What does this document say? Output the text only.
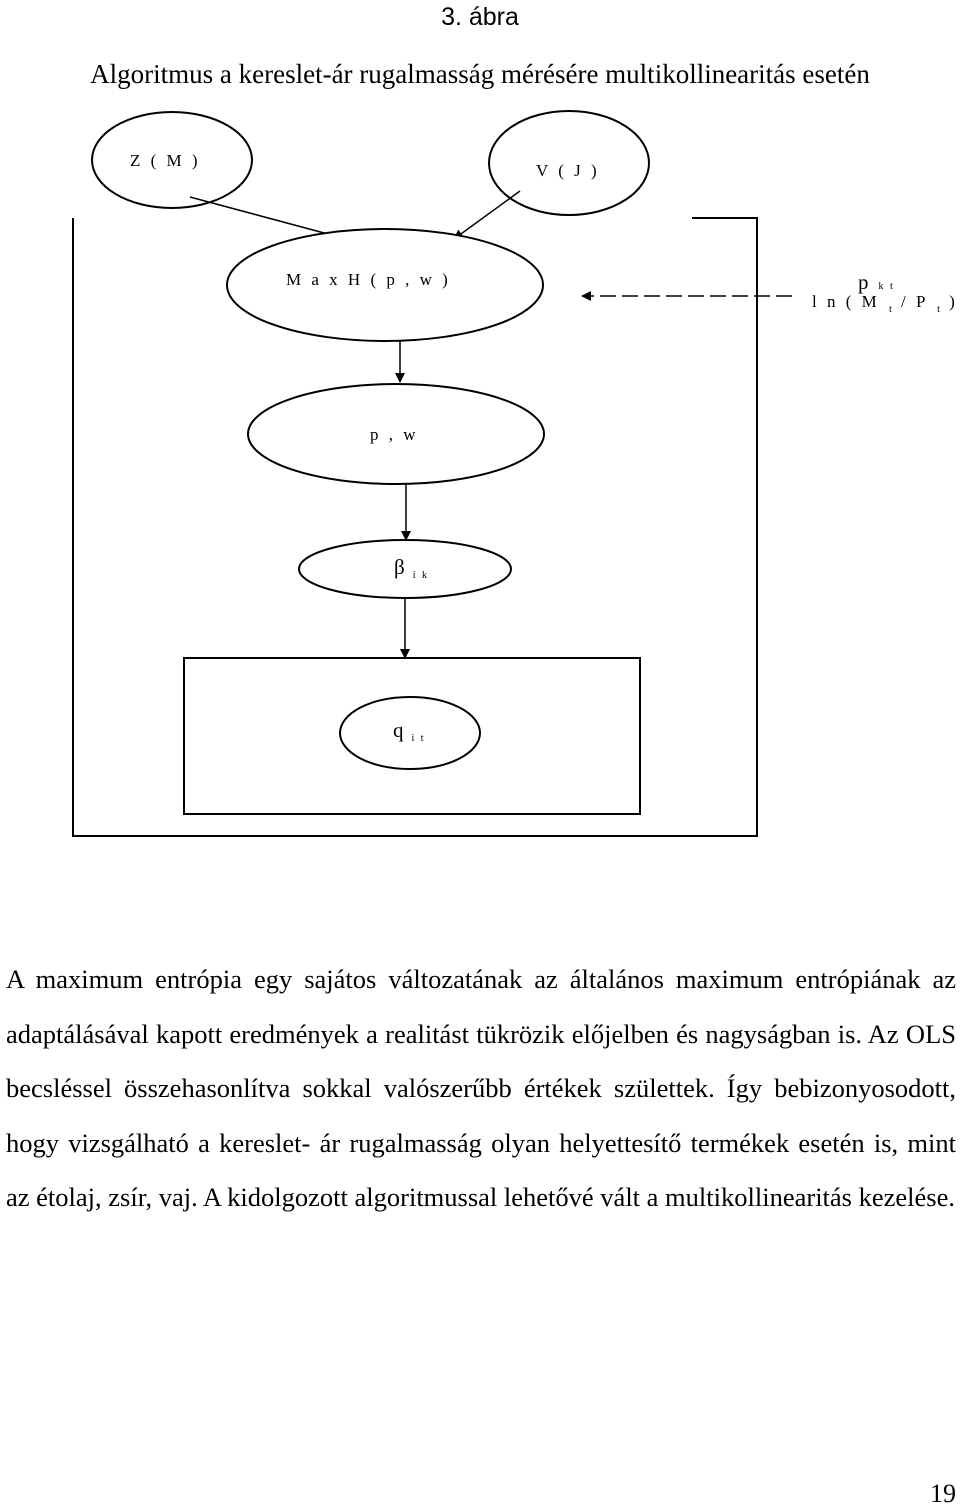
3. ábra
Algoritmus a kereslet-ár rugalmasság mérésére multikollinearitás esetén
Z ( M )
V ( J )
M a x H ( p , w )	p k t
l n ( M $_t$ / P $_t$ )
p , w
β $_{i k}$
q $_{i t}$

A maximum entrópia egy sajátos változatának az általános maximum entrópiának az adaptálásával kapott eredmények a realitást tükrözik előjelben és nagyságban is. Az OLS becsléssel összehasonlítva sokkal valószerűbb értékek születtek. Így bebizonyosodott, hogy vizsgálható a kereslet- ár rugalmasság olyan helyettesítő termékek esetén is, mint az étolaj, zsír, vaj. A kidolgozott algoritmussal lehetővé vált a multikollinearitás kezelése.

19
